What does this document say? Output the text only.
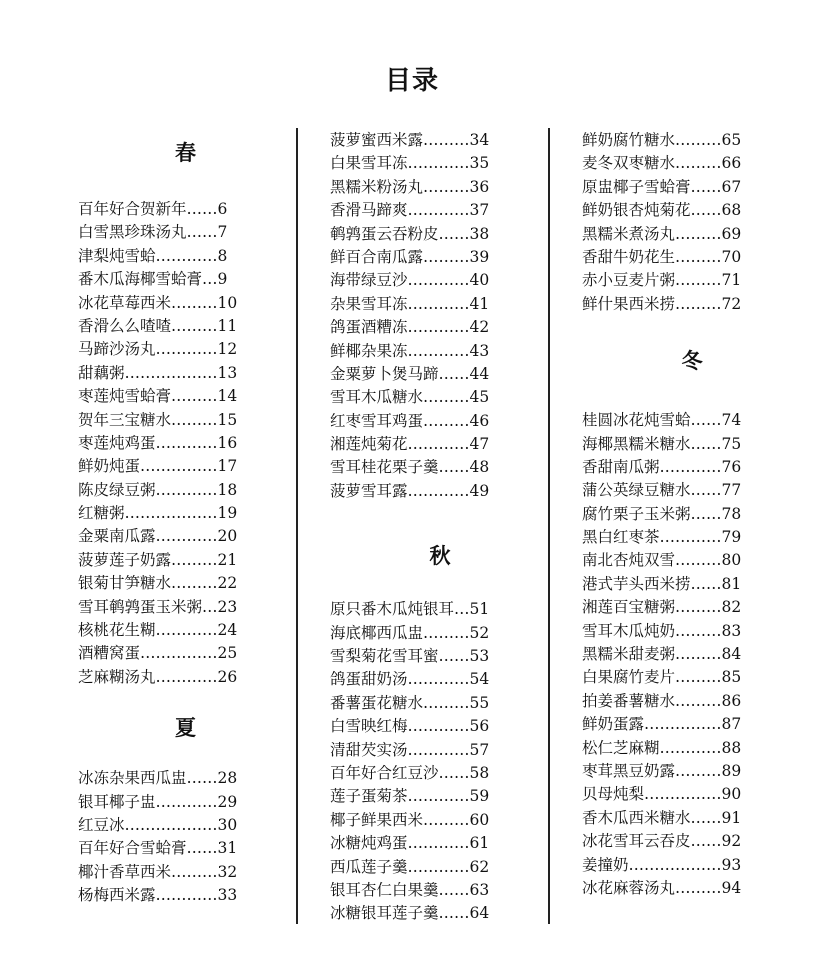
目录
春
百年好合贺新年……6
白雪黑珍珠汤丸……7
津梨炖雪蛤…………8
番木瓜海椰雪蛤膏…9
冰花草莓西米………10
香滑么么喳喳………11
马蹄沙汤丸…………12
甜藕粥………………13
枣莲炖雪蛤膏………14
贺年三宝糖水………15
枣莲炖鸡蛋…………16
鲜奶炖蛋……………17
陈皮绿豆粥…………18
红糖粥………………19
金粟南瓜露…………20
菠萝莲子奶露………21
银菊甘笋糖水………22
雪耳鹌鹑蛋玉米粥…23
核桃花生糊…………24
酒糟窝蛋……………25
芝麻糊汤丸…………26
夏
冰冻杂果西瓜盅……28
银耳椰子盅…………29
红豆冰………………30
百年好合雪蛤膏……31
椰汁香草西米………32
杨梅西米露…………33
菠萝蜜西米露………34
白果雪耳冻…………35
黑糯米粉汤丸………36
香滑马蹄爽…………37
鹌鹑蛋云吞粉皮……38
鲜百合南瓜露………39
海带绿豆沙…………40
杂果雪耳冻…………41
鸽蛋酒糟冻…………42
鲜椰杂果冻…………43
金粟萝卜煲马蹄……44
雪耳木瓜糖水………45
红枣雪耳鸡蛋………46
湘莲炖菊花…………47
雪耳桂花栗子羹……48
菠萝雪耳露…………49
秋
原只番木瓜炖银耳…51
海底椰西瓜盅………52
雪梨菊花雪耳蜜……53
鸽蛋甜奶汤…………54
番薯蛋花糖水………55
白雪映红梅…………56
清甜芡实汤…………57
百年好合红豆沙……58
莲子蛋菊茶…………59
椰子鲜果西米………60
冰糖炖鸡蛋…………61
西瓜莲子羹…………62
银耳杏仁白果羹……63
冰糖银耳莲子羹……64
鲜奶腐竹糖水………65
麦冬双枣糖水………66
原盅椰子雪蛤膏……67
鲜奶银杏炖菊花……68
黑糯米煮汤丸………69
香甜牛奶花生………70
赤小豆麦片粥………71
鲜什果西米捞………72
冬
桂圆冰花炖雪蛤……74
海椰黑糯米糖水……75
香甜南瓜粥…………76
蒲公英绿豆糖水……77
腐竹栗子玉米粥……78
黑白红枣茶…………79
南北杏炖双雪………80
港式芋头西米捞……81
湘莲百宝糖粥………82
雪耳木瓜炖奶………83
黑糯米甜麦粥………84
白果腐竹麦片………85
拍姜番薯糖水………86
鲜奶蛋露……………87
松仁芝麻糊…………88
枣茸黑豆奶露………89
贝母炖梨……………90
香木瓜西米糖水……91
冰花雪耳云吞皮……92
姜撞奶………………93
冰花麻蓉汤丸………94
